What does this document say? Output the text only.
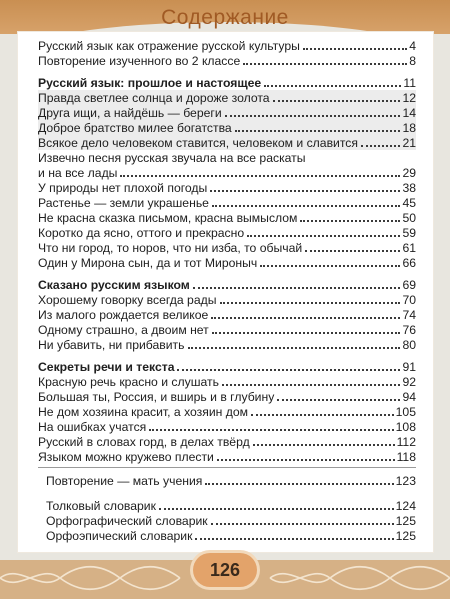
Содержание
Русский язык как отражение русской культуры	4
Повторение изученного во 2 классе	8
Русский язык: прошлое и настоящее	11
Правда светлее солнца и дороже золота	12
Друга ищи, а найдёшь — береги	14
Доброе братство милее богатства	18
Всякое дело человеком ставится, человеком и славится	21
Извечно песня русская звучала на все раскаты
и на все лады	29
У природы нет плохой погоды	38
Растенье — земли украшенье	45
Не красна сказка письмом, красна вымыслом	50
Коротко да ясно, оттого и прекрасно	59
Что ни город, то норов, что ни изба, то обычай	61
Один у Мирона сын, да и тот Мироныч	66
Сказано русским языком	69
Хорошему говорку всегда рады	70
Из малого рождается великое	74
Одному страшно, а двоим нет	76
Ни убавить, ни прибавить	80
Секреты речи и текста	91
Красную речь красно и слушать	92
Большая ты, Россия, и вширь и в глубину	94
Не дом хозяина красит, а хозяин дом	105
На ошибках учатся	108
Русский в словах горд, в делах твёрд	112
Языком можно кружево плести	118
Повторение — мать учения	123
Толковый словарик	124
Орфографический словарик	125
Орфоэпический словарик	125
126
